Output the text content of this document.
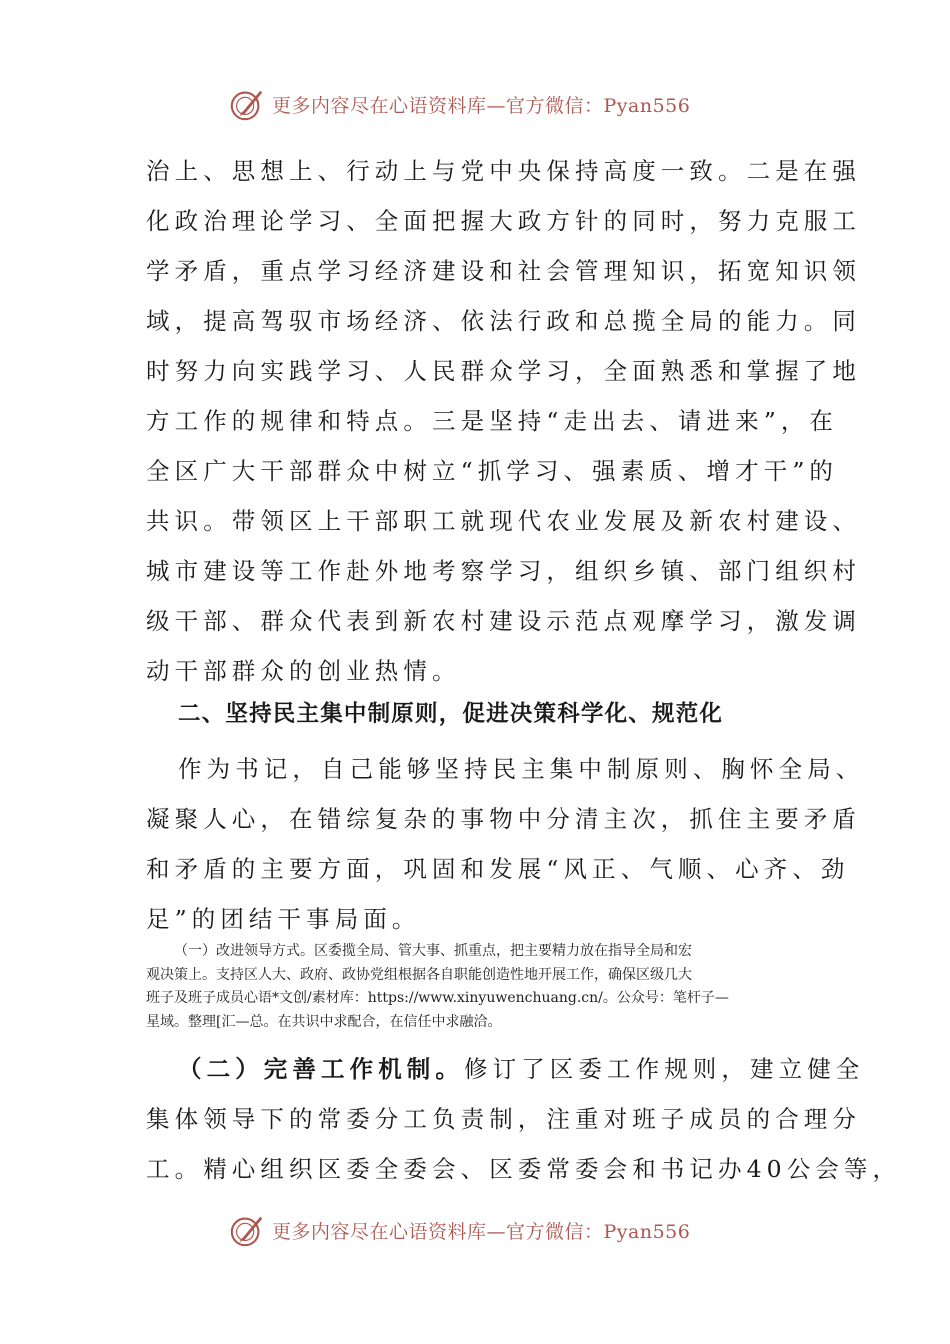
更多内容尽在心语资料库—官方微信：Pyan556
治上、思想上、行动上与党中央保持高度一致。二是在强
化政治理论学习、全面把握大政方针的同时，努力克服工
学矛盾，重点学习经济建设和社会管理知识，拓宽知识领
域，提高驾驭市场经济、依法行政和总揽全局的能力。同
时努力向实践学习、人民群众学习，全面熟悉和掌握了地
方工作的规律和特点。三是坚持“走出去、请进来”，在
全区广大干部群众中树立“抓学习、强素质、增才干”的
共识。带领区上干部职工就现代农业发展及新农村建设、
城市建设等工作赴外地考察学习，组织乡镇、部门组织村
级干部、群众代表到新农村建设示范点观摩学习，激发调
动干部群众的创业热情。
二、坚持民主集中制原则，促进决策科学化、规范化
作为书记，自己能够坚持民主集中制原则、胸怀全局、
凝聚人心，在错综复杂的事物中分清主次，抓住主要矛盾
和矛盾的主要方面，巩固和发展“风正、气顺、心齐、劲
足”的团结干事局面。
（一）改进领导方式。区委揽全局、管大事、抓重点，把主要精力放在指导全局和宏
观决策上。支持区人大、政府、政协党组根据各自职能创造性地开展工作，确保区级几大
班子及班子成员心语*文创/素材库：https://www.xinyuwenchuang.cn/。公众号：笔杆子—
星域。整理[汇—总。在共识中求配合，在信任中求融洽。
（二）完善工作机制。修订了区委工作规则，建立健全
集体领导下的常委分工负责制，注重对班子成员的合理分
工。精心组织区委全委会、区委常委会和书记办40公会等，
更多内容尽在心语资料库—官方微信：Pyan556
